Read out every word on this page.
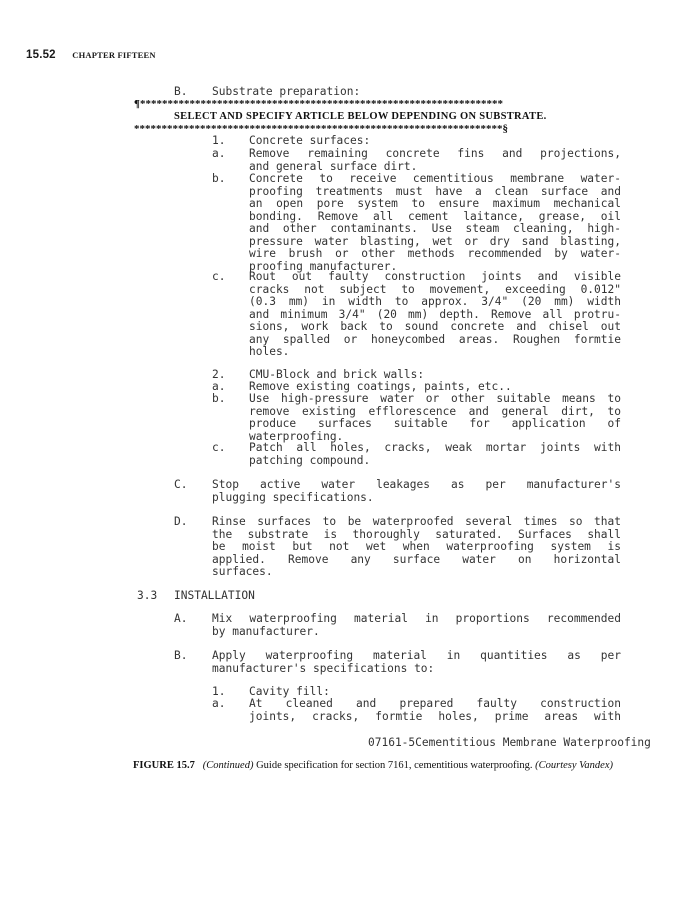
15.52 CHAPTER FIFTEEN
B. Substrate preparation:
¶******************************************************************
SELECT AND SPECIFY ARTICLE BELOW DEPENDING ON SUBSTRATE.
*******************************************************************§
1. Concrete surfaces:
a. Remove remaining concrete fins and projections,
and general surface dirt.
b. Concrete to receive cementitious membrane water-
proofing treatments must have a clean surface and
an open pore system to ensure maximum mechanical
bonding. Remove all cement laitance, grease, oil
and other contaminants. Use steam cleaning, high-
pressure water blasting, wet or dry sand blasting,
wire brush or other methods recommended by water-
proofing manufacturer.
c. Rout out faulty construction joints and visible
cracks not subject to movement, exceeding 0.012"
(0.3 mm) in width to approx. 3/4" (20 mm) width
and minimum 3/4" (20 mm) depth. Remove all protru-
sions, work back to sound concrete and chisel out
any spalled or honeycombed areas. Roughen formtie
holes.
2. CMU-Block and brick walls:
a. Remove existing coatings, paints, etc..
b. Use high-pressure water or other suitable means to
remove existing efflorescence and general dirt, to
produce surfaces suitable for application of
waterproofing.
c. Patch all holes, cracks, weak mortar joints with
patching compound.
C. Stop active water leakages as per manufacturer's
plugging specifications.
D. Rinse surfaces to be waterproofed several times so that
the substrate is thoroughly saturated. Surfaces shall
be moist but not wet when waterproofing system is
applied. Remove any surface water on horizontal
surfaces.
3.3 INSTALLATION
A. Mix waterproofing material in proportions recommended
by manufacturer.
B. Apply waterproofing material in quantities as per
manufacturer's specifications to:
1. Cavity fill:
a. At cleaned and prepared faulty construction
joints, cracks, formtie holes, prime areas with
07161-5Cementitious Membrane Waterproofing
FIGURE 15.7 (Continued) Guide specification for section 7161, cementitious waterproofing. (Courtesy Vandex)
